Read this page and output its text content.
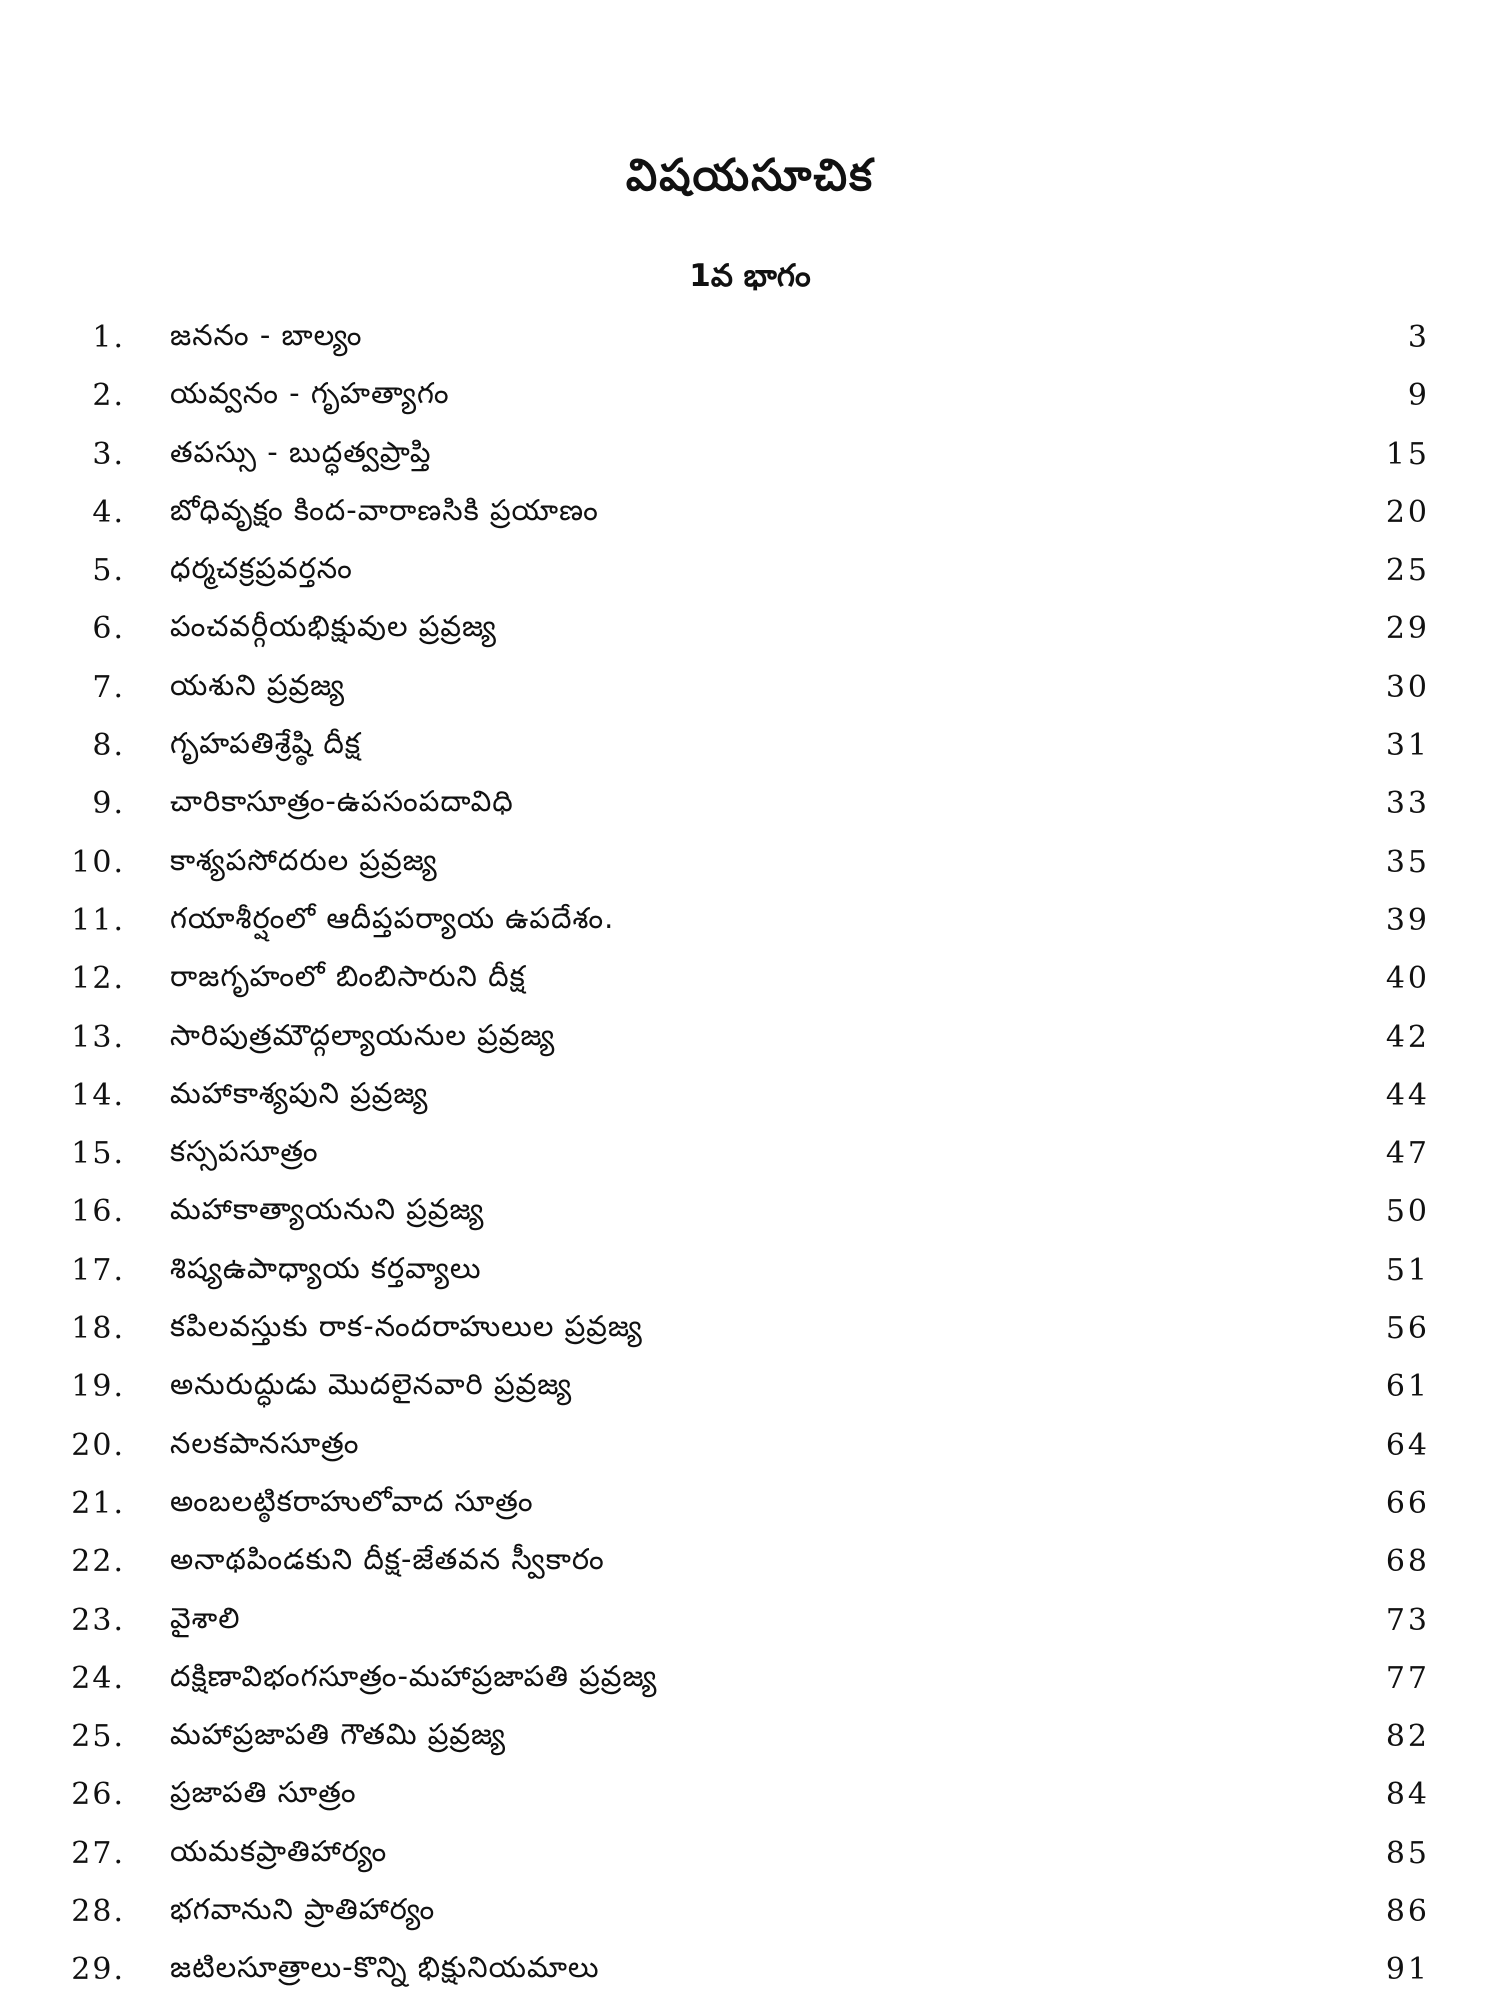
విషయసూచిక
1వ భాగం
1. జననం - బాల్యం	3
2. యవ్వనం - గృహత్యాగం	9
3. తపస్సు - బుద్ధత్వప్రాప్తి	15
4. బోధివృక్షం కింద-వారాణసికి ప్రయాణం	20
5. ధర్మచక్రప్రవర్తనం	25
6. పంచవర్గీయభిక్షువుల ప్రవ్రజ్య	29
7. యశుని ప్రవ్రజ్య	30
8. గృహపతిశ్రేష్ఠి దీక్ష	31
9. చారికాసూత్రం-ఉపసంపదావిధి	33
10. కాశ్యపసోదరుల ప్రవ్రజ్య	35
11. గయాశీర్షంలో ఆదీప్తపర్యాయ ఉపదేశం.	39
12. రాజగృహంలో బింబిసారుని దీక్ష	40
13. సారిపుత్రమౌద్గల్యాయనుల ప్రవ్రజ్య	42
14. మహాకాశ్యపుని ప్రవ్రజ్య	44
15. కస్సపసూత్రం	47
16. మహాకాత్యాయనుని ప్రవ్రజ్య	50
17. శిష్యఉపాధ్యాయ కర్తవ్యాలు	51
18. కపిలవస్తుకు రాక-నందరాహులుల ప్రవ్రజ్య	56
19. అనురుద్ధుడు మొదలైనవారి ప్రవ్రజ్య	61
20. నలకపానసూత్రం	64
21. అంబలట్ఠికరాహులోవాద సూత్రం	66
22. అనాథపిండకుని దీక్ష-జేతవన స్వీకారం	68
23. వైశాలి	73
24. దక్షిణావిభంగసూత్రం-మహాప్రజాపతి ప్రవ్రజ్య	77
25. మహాప్రజాపతి గౌతమి ప్రవ్రజ్య	82
26. ప్రజాపతి సూత్రం	84
27. యమకప్రాతిహార్యం	85
28. భగవానుని ప్రాతిహార్యం	86
29. జటిలసూత్రాలు-కొన్ని భిక్షునియమాలు	91
